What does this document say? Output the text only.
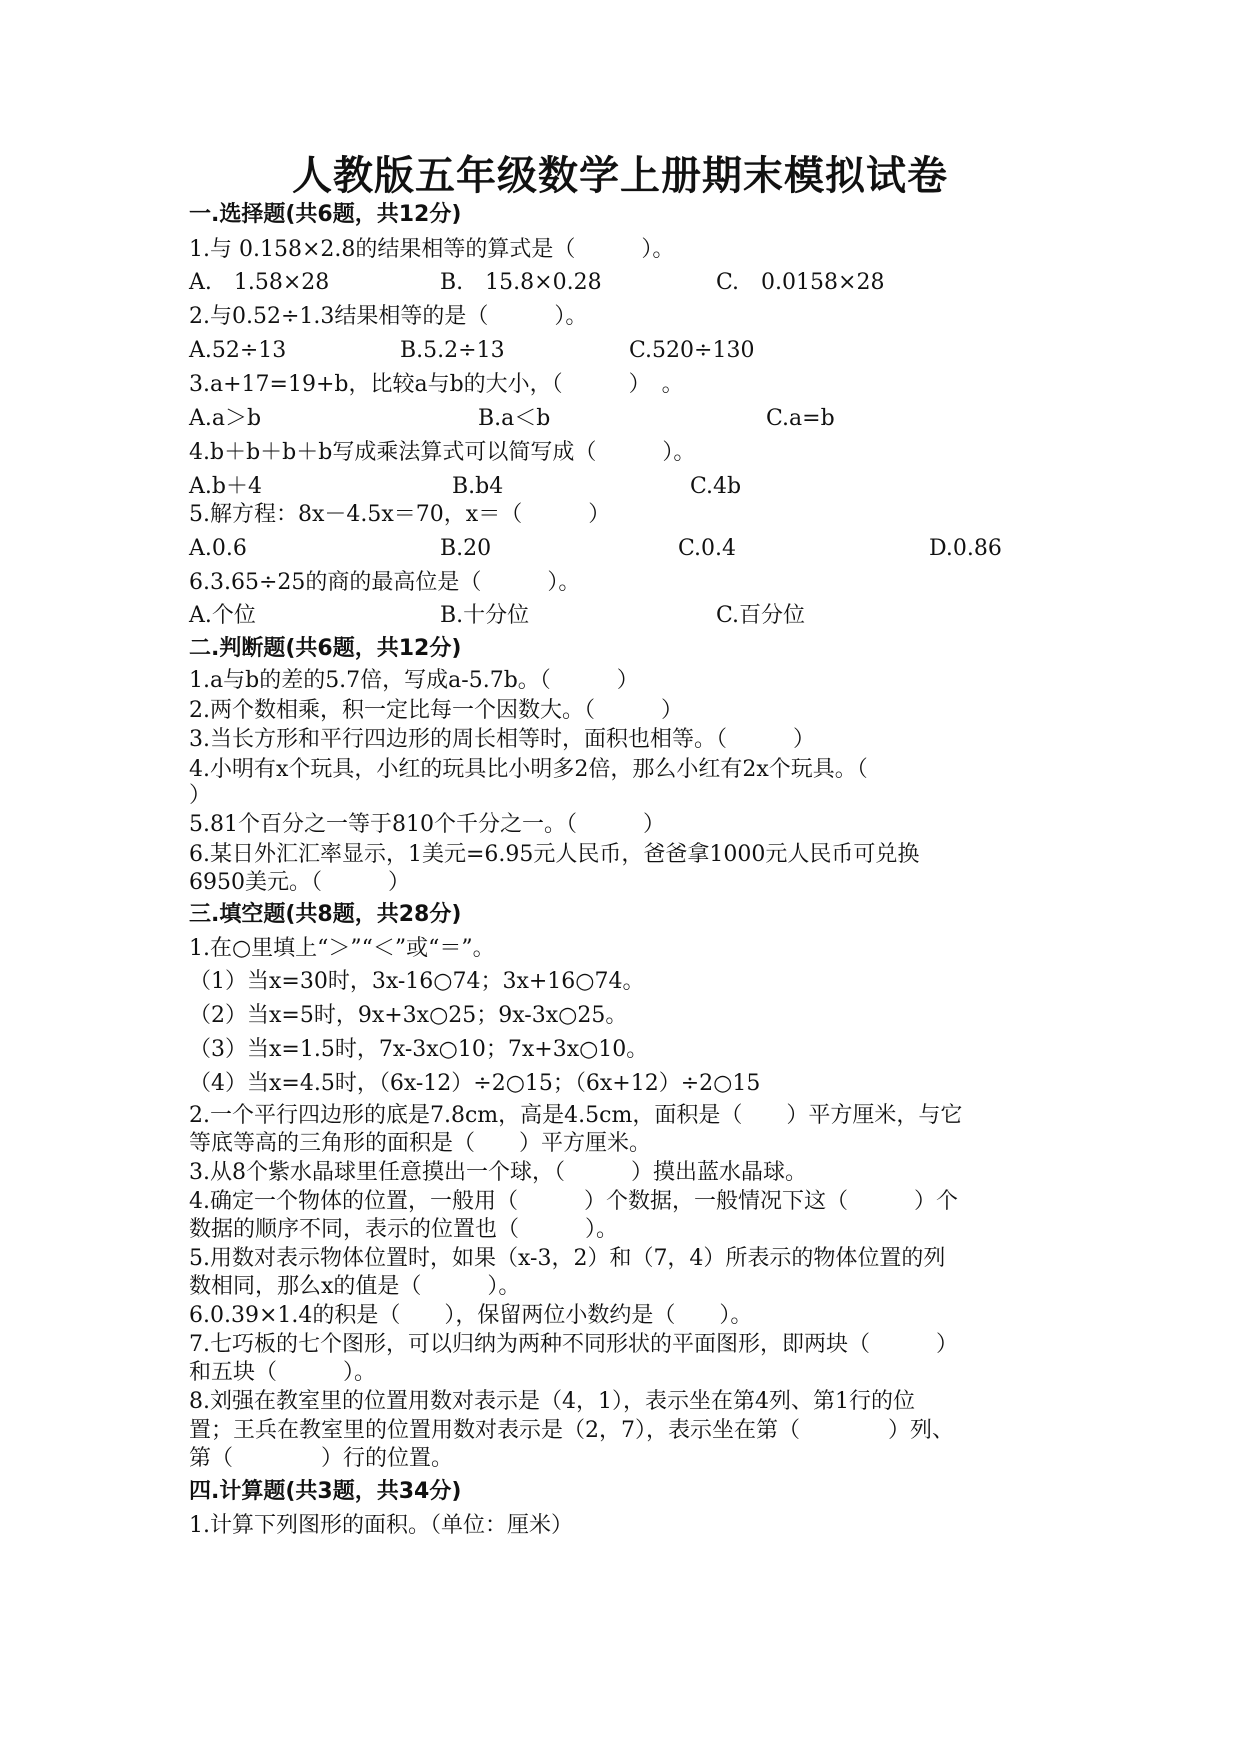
人教版五年级数学上册期末模拟试卷
一.选择题(共6题，共12分)
1.与 0.158×2.8的结果相等的算式是（　　　）。
A.　1.58×28	B.　15.8×0.28	C.　0.0158×28
2.与0.52÷1.3结果相等的是（　　　）。
A.52÷13	B.5.2÷13	C.520÷130
3.a+17=19+b，比较a与b的大小，（　　　）　。
A.a＞b	B.a＜b	C.a=b
4.b＋b＋b＋b写成乘法算式可以简写成（　　　）。
A.b＋4	B.b4	C.4b
5.解方程：8x－4.5x＝70，x＝（　　　）
A.0.6	B.20	C.0.4	D.0.86
6.3.65÷25的商的最高位是（　　　）。
A.个位	B.十分位	C.百分位
二.判断题(共6题，共12分)
1.a与b的差的5.7倍，写成a-5.7b。（　　　）
2.两个数相乘，积一定比每一个因数大。（　　　）
3.当长方形和平行四边形的周长相等时，面积也相等。（　　　）
4.小明有x个玩具，小红的玩具比小明多2倍，那么小红有2x个玩具。（
）
5.81个百分之一等于810个千分之一。（　　　）
6.某日外汇汇率显示，1美元=6.95元人民币，爸爸拿1000元人民币可兑换
6950美元。（　　　）
三.填空题(共8题，共28分)
1.在○里填上“＞”“＜”或“＝”。
（1）当x=30时，3x-16○74；3x+16○74。
（2）当x=5时，9x+3x○25；9x-3x○25。
（3）当x=1.5时，7x-3x○10；7x+3x○10。
（4）当x=4.5时，（6x-12）÷2○15；（6x+12）÷2○15
2.一个平行四边形的底是7.8cm，高是4.5cm，面积是（　　）平方厘米，与它
等底等高的三角形的面积是（　　）平方厘米。
3.从8个紫水晶球里任意摸出一个球，（　　　）摸出蓝水晶球。
4.确定一个物体的位置，一般用（　　　）个数据，一般情况下这（　　　）个
数据的顺序不同，表示的位置也（　　　）。
5.用数对表示物体位置时，如果（x-3，2）和（7，4）所表示的物体位置的列
数相同，那么x的值是（　　　）。
6.0.39×1.4的积是（　　），保留两位小数约是（　　）。
7.七巧板的七个图形，可以归纳为两种不同形状的平面图形，即两块（　　　）
和五块（　　　）。
8.刘强在教室里的位置用数对表示是（4，1），表示坐在第4列、第1行的位
置；王兵在教室里的位置用数对表示是（2，7），表示坐在第（　　　　）列、
第（　　　　）行的位置。
四.计算题(共3题，共34分)
1.计算下列图形的面积。（单位：厘米）
